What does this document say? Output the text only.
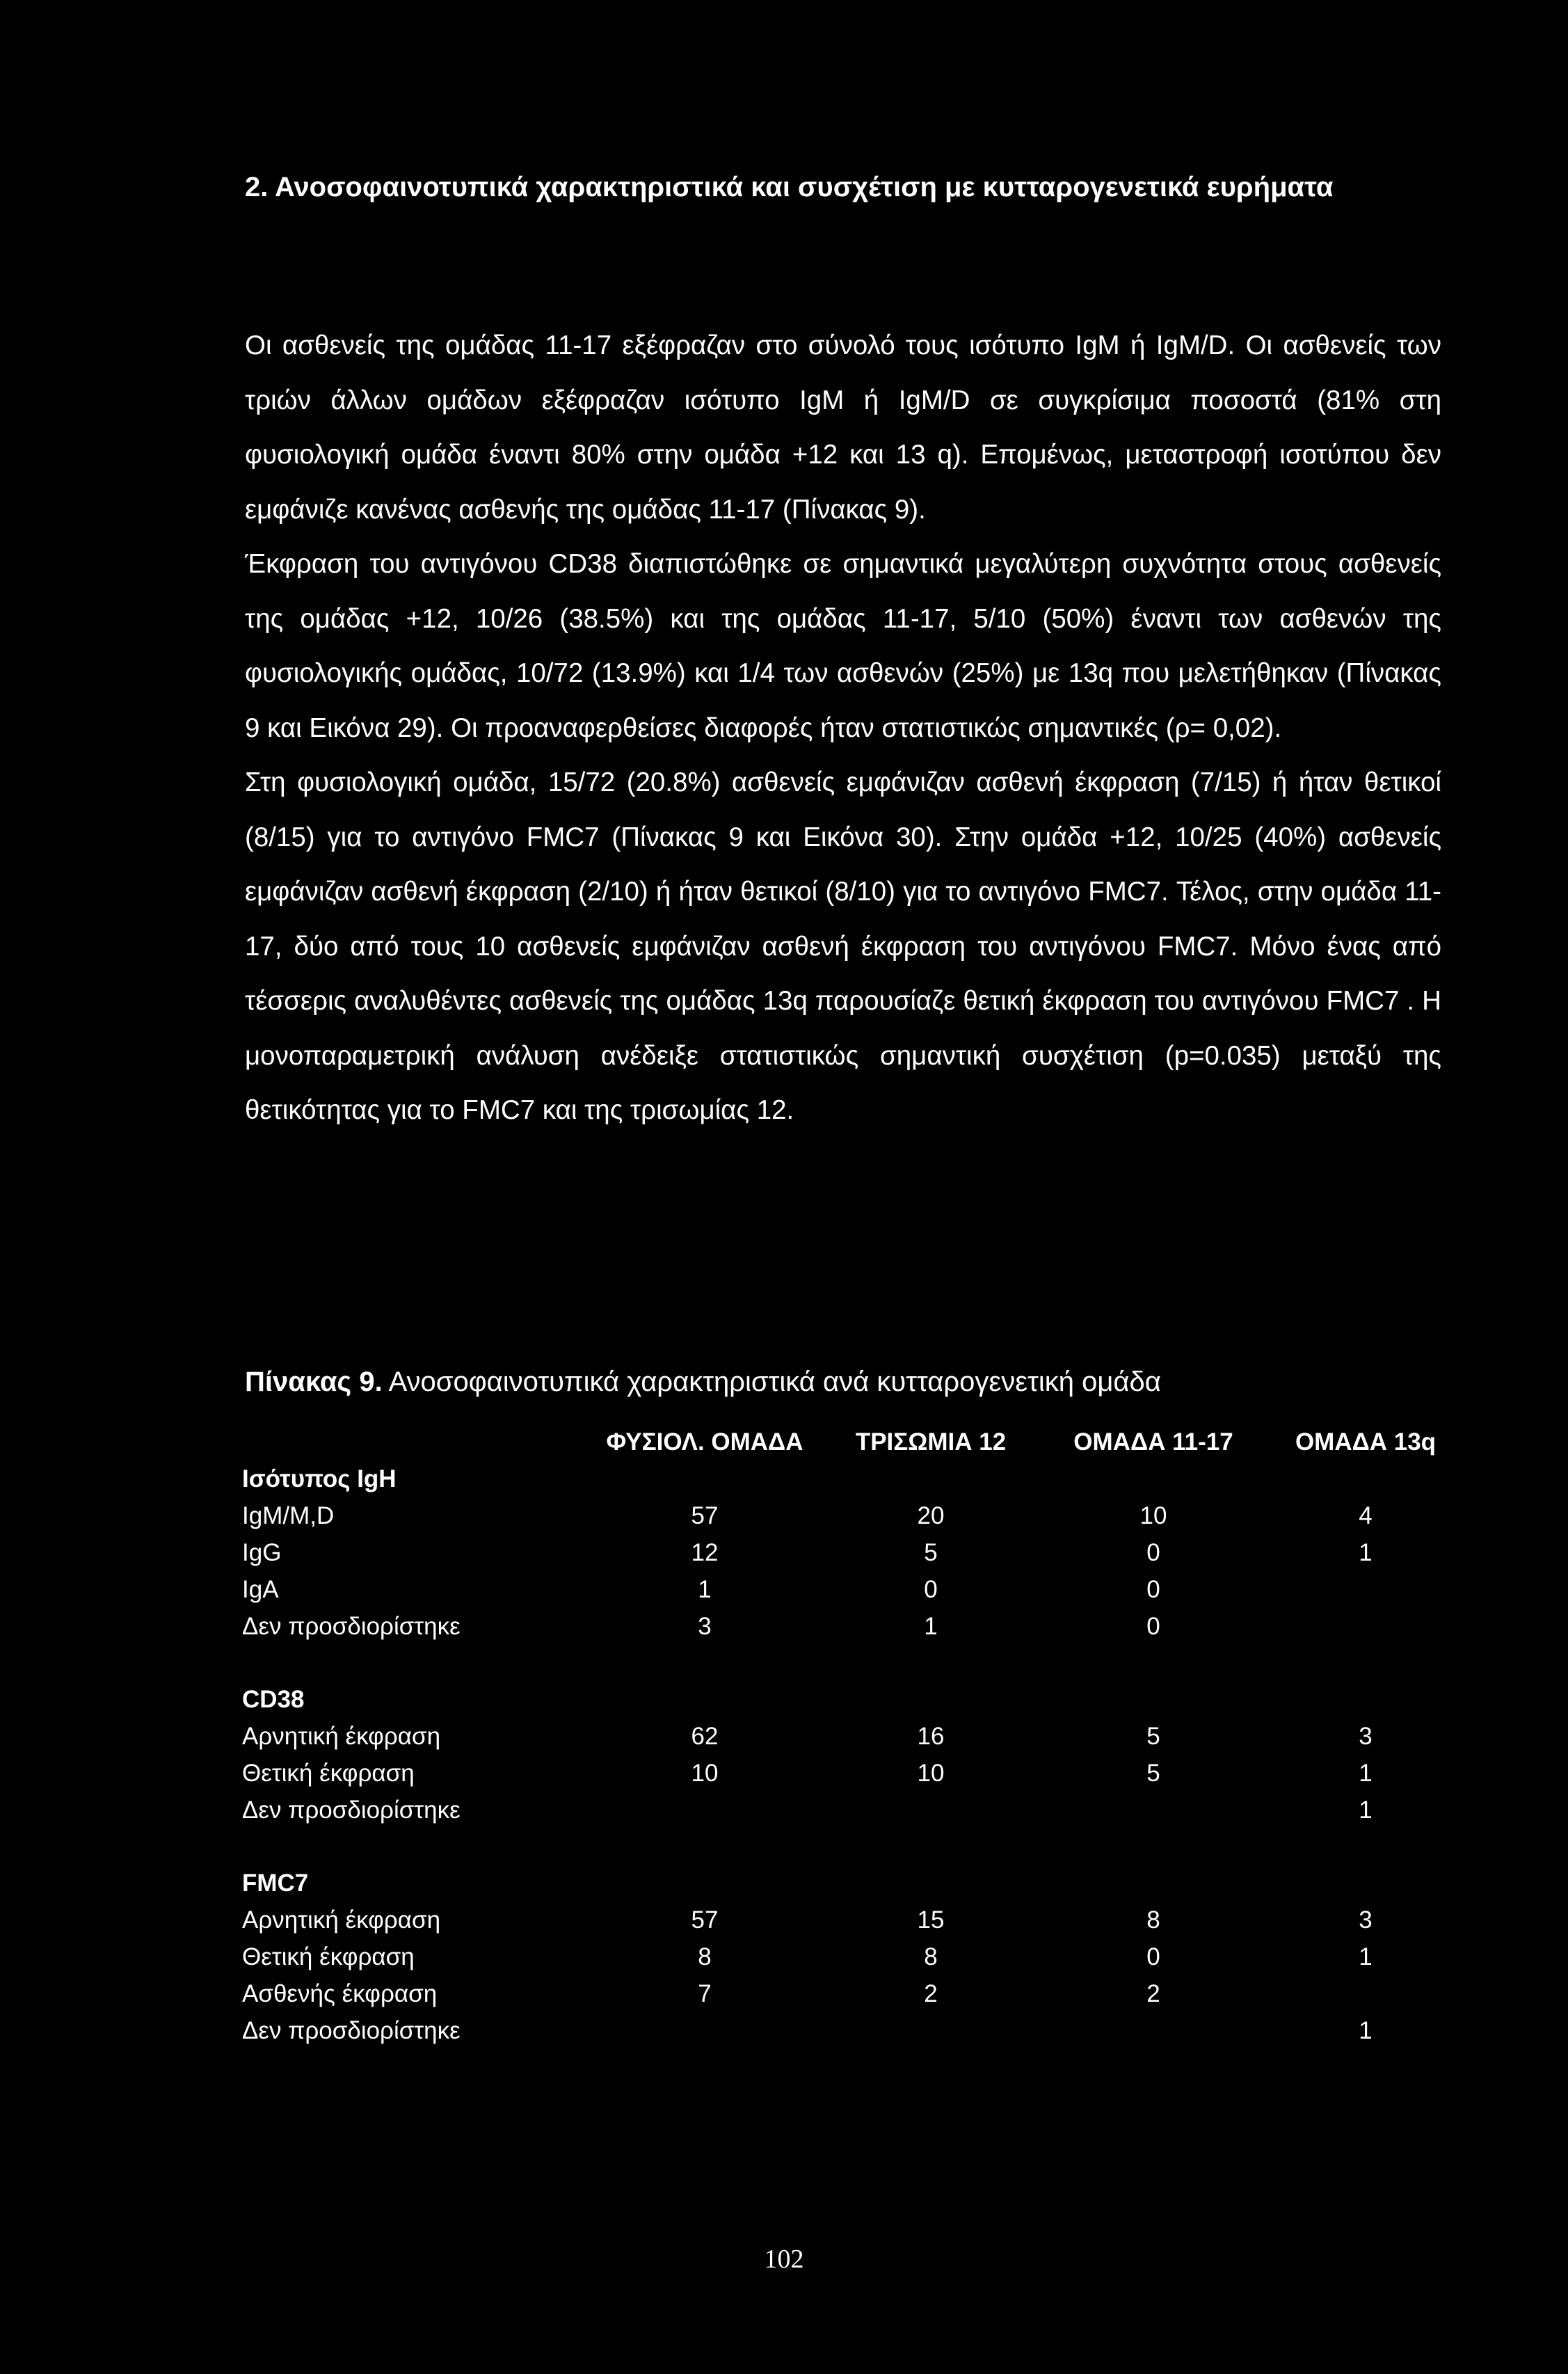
2. Ανοσοφαινοτυπικά χαρακτηριστικά και συσχέτιση με κυτταρογενετικά ευρήματα

Οι ασθενείς της ομάδας 11-17 εξέφραζαν στο σύνολό τους ισότυπο IgM ή IgM/D. Οι ασθενείς των τριών άλλων ομάδων εξέφραζαν ισότυπο IgM ή IgM/D σε συγκρίσιμα ποσοστά (81% στη φυσιολογική ομάδα έναντι 80% στην ομάδα +12 και 13 q). Επομένως, μεταστροφή ισοτύπου δεν εμφάνιζε κανένας ασθενής της ομάδας 11-17 (Πίνακας 9).

Έκφραση του αντιγόνου CD38 διαπιστώθηκε σε σημαντικά μεγαλύτερη συχνότητα στους ασθενείς της ομάδας +12, 10/26 (38.5%) και της ομάδας 11-17, 5/10 (50%) έναντι των ασθενών της φυσιολογικής ομάδας, 10/72 (13.9%) και 1/4 των ασθενών (25%) με 13q που μελετήθηκαν (Πίνακας 9 και Εικόνα 29). Οι προαναφερθείσες διαφορές ήταν στατιστικώς σημαντικές (ρ= 0,02).

Στη φυσιολογική ομάδα, 15/72 (20.8%) ασθενείς εμφάνιζαν ασθενή έκφραση (7/15) ή ήταν θετικοί (8/15) για το αντιγόνο FMC7 (Πίνακας 9 και Εικόνα 30). Στην ομάδα +12, 10/25 (40%) ασθενείς εμφάνιζαν ασθενή έκφραση (2/10) ή ήταν θετικοί (8/10) για το αντιγόνο FMC7. Τέλος, στην ομάδα 11-17, δύο από τους 10 ασθενείς εμφάνιζαν ασθενή έκφραση του αντιγόνου FMC7. Μόνο ένας από τέσσερις αναλυθέντες ασθενείς της ομάδας 13q παρουσίαζε θετική έκφραση του αντιγόνου FMC7 . Η μονοπαραμετρική ανάλυση ανέδειξε στατιστικώς σημαντική συσχέτιση (p=0.035) μεταξύ της θετικότητας για το FMC7 και της τρισωμίας 12.

Πίνακας 9. Ανοσοφαινοτυπικά χαρακτηριστικά ανά κυτταρογενετική ομάδα
	ΦΥΣΙΟΛ. ΟΜΑΔΑ	ΤΡΙΣΩΜΙΑ 12	ΟΜΑΔΑ 11-17	ΟΜΑΔΑ 13q
Ισότυπος IgH				
IgM/M,D	57	20	10	4
IgG	12	5	0	1
IgA	1	0	0	
Δεν προσδιορίστηκε	3	1	0	

CD38				
Αρνητική έκφραση	62	16	5	3
Θετική έκφραση	10	10	5	1
Δεν προσδιορίστηκε				1

FMC7				
Αρνητική έκφραση	57	15	8	3
Θετική έκφραση	8	8	0	1
Ασθενής έκφραση	7	2	2	
Δεν προσδιορίστηκε				1
102
